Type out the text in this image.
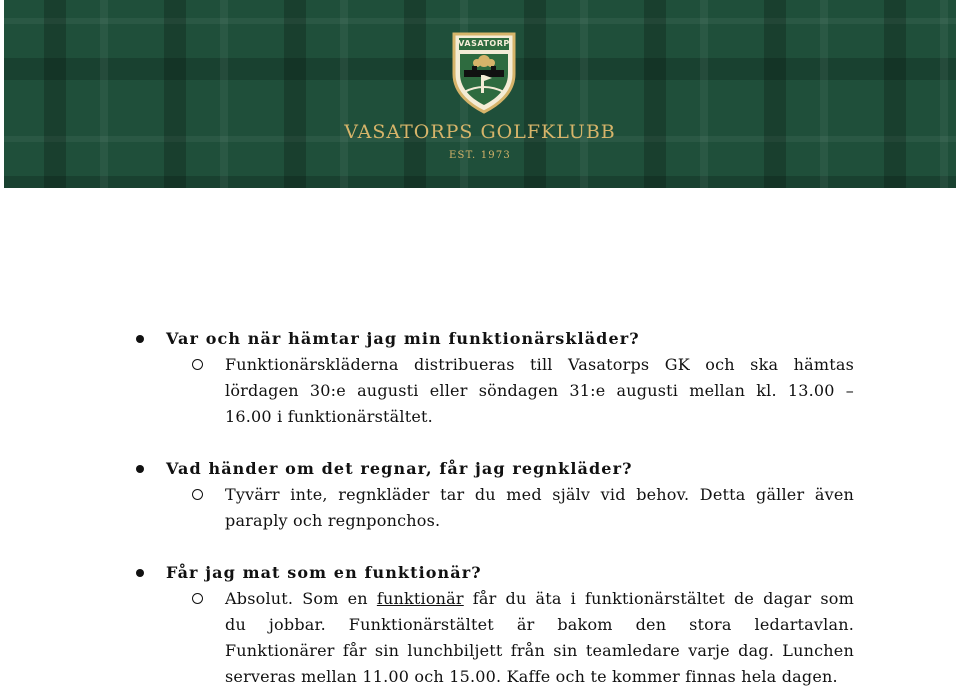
VASATORP
VASATORPS GOLFKLUBB
EST. 1973
Var och när hämtar jag min funktionärskläder?
Funktionärskläderna distribueras till Vasatorps GK och ska hämtas
lördagen 30:e augusti eller söndagen 31:e augusti mellan kl. 13.00 –
16.00 i funktionärstältet.
Vad händer om det regnar, får jag regnkläder?
Tyvärr inte, regnkläder tar du med själv vid behov. Detta gäller även
paraply och regnponchos.
Får jag mat som en funktionär?
Absolut. Som en funktionär får du äta i funktionärstältet de dagar som
du jobbar. Funktionärstältet är bakom den stora ledartavlan.
Funktionärer får sin lunchbiljett från sin teamledare varje dag. Lunchen
serveras mellan 11.00 och 15.00. Kaffe och te kommer finnas hela dagen.
